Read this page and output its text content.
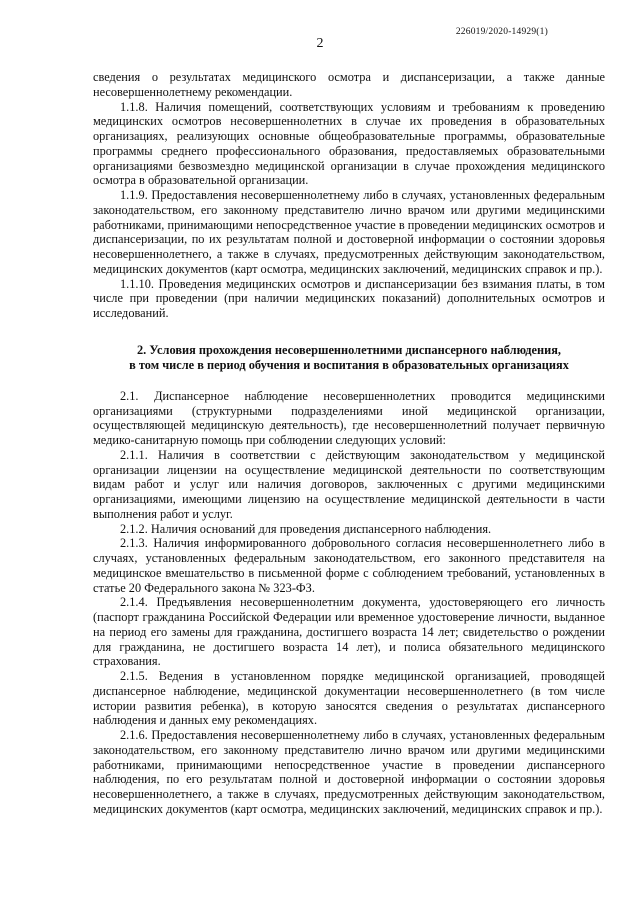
226019/2020-14929(1)
2

сведения о результатах медицинского осмотра и диспансеризации, а также данные несовершеннолетнему рекомендации.

1.1.8. Наличия помещений, соответствующих условиям и требованиям к проведению медицинских осмотров несовершеннолетних в случае их проведения в образовательных организациях, реализующих основные общеобразовательные программы, образовательные программы среднего профессионального образования, предоставляемых образовательными организациями безвозмездно медицинской организации в случае прохождения медицинского осмотра в образовательной организации.

1.1.9. Предоставления несовершеннолетнему либо в случаях, установленных федеральным законодательством, его законному представителю лично врачом или другими медицинскими работниками, принимающими непосредственное участие в проведении медицинских осмотров и диспансеризации, по их результатам полной и достоверной информации о состоянии здоровья несовершеннолетнего, а также в случаях, предусмотренных действующим законодательством, медицинских документов (карт осмотра, медицинских заключений, медицинских справок и пр.).

1.1.10. Проведения медицинских осмотров и диспансеризации без взимания платы, в том числе при проведении (при наличии медицинских показаний) дополнительных осмотров и исследований.

2. Условия прохождения несовершеннолетними диспансерного наблюдения,
в том числе в период обучения и воспитания в образовательных организациях

2.1. Диспансерное наблюдение несовершеннолетних проводится медицинскими организациями (структурными подразделениями иной медицинской организации, осуществляющей медицинскую деятельность), где несовершеннолетний получает первичную медико-санитарную помощь при соблюдении следующих условий:

2.1.1. Наличия в соответствии с действующим законодательством у медицинской организации лицензии на осуществление медицинской деятельности по соответствующим видам работ и услуг или наличия договоров, заключенных с другими медицинскими организациями, имеющими лицензию на осуществление медицинской деятельности в части выполнения работ и услуг.

2.1.2. Наличия оснований для проведения диспансерного наблюдения.

2.1.3. Наличия информированного добровольного согласия несовершеннолетнего либо в случаях, установленных федеральным законодательством, его законного представителя на медицинское вмешательство в письменной форме с соблюдением требований, установленных в статье 20 Федерального закона № 323-ФЗ.

2.1.4. Предъявления несовершеннолетним документа, удостоверяющего его личность (паспорт гражданина Российской Федерации или временное удостоверение личности, выданное на период его замены для гражданина, достигшего возраста 14 лет; свидетельство о рождении для гражданина, не достигшего возраста 14 лет), и полиса обязательного медицинского страхования.

2.1.5. Ведения в установленном порядке медицинской организацией, проводящей диспансерное наблюдение, медицинской документации несовершеннолетнего (в том числе истории развития ребенка), в которую заносятся сведения о результатах диспансерного наблюдения и данных ему рекомендациях.

2.1.6. Предоставления несовершеннолетнему либо в случаях, установленных федеральным законодательством, его законному представителю лично врачом или другими медицинскими работниками, принимающими непосредственное участие в проведении диспансерного наблюдения, по его результатам полной и достоверной информации о состоянии здоровья несовершеннолетнего, а также в случаях, предусмотренных действующим законодательством, медицинских документов (карт осмотра, медицинских заключений, медицинских справок и пр.).
